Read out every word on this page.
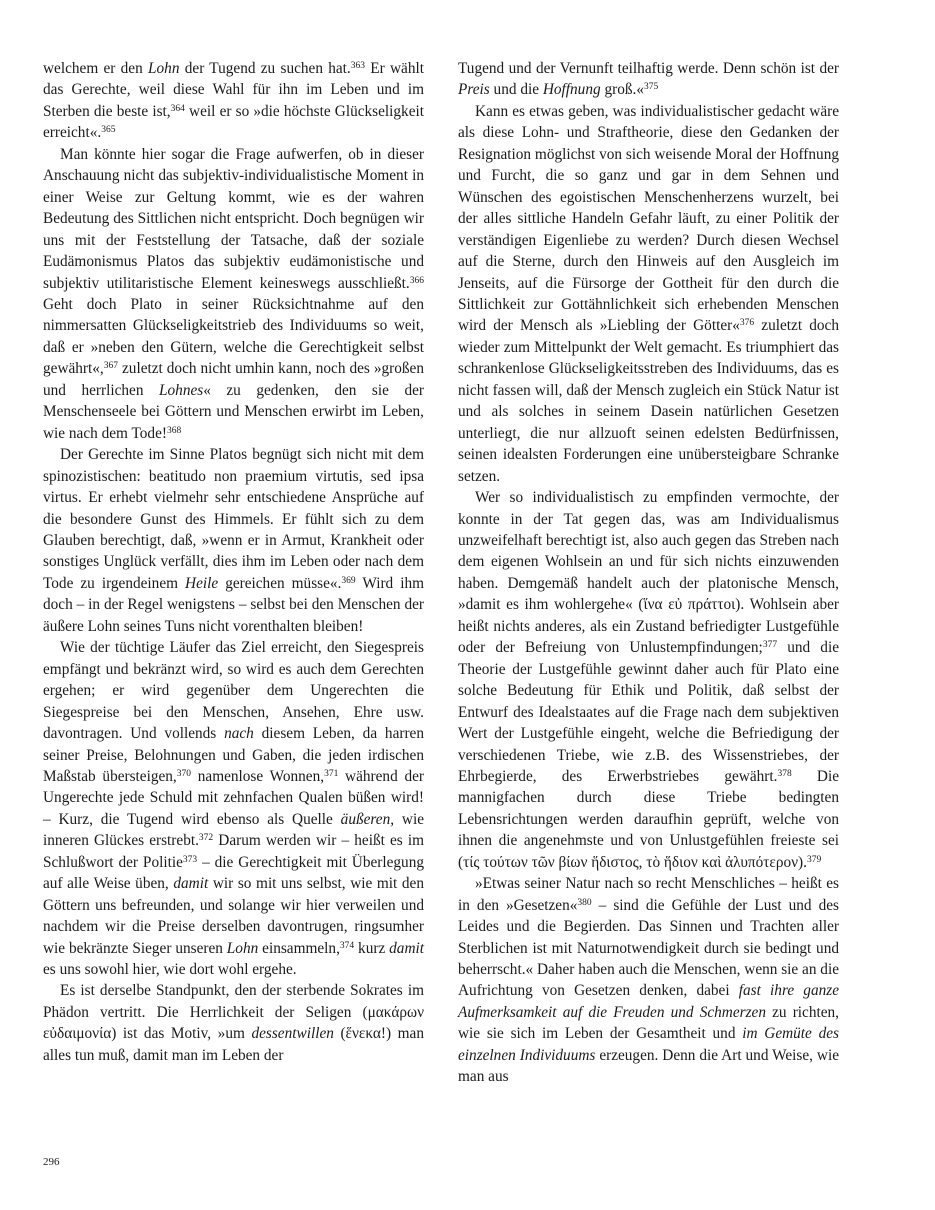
welchem er den Lohn der Tugend zu suchen hat.$^{363}$ Er wählt das Gerechte, weil diese Wahl für ihn im Leben und im Sterben die beste ist,$^{364}$ weil er so »die höchste Glückseligkeit erreicht«.$^{365}$

Man könnte hier sogar die Frage aufwerfen, ob in dieser Anschauung nicht das subjektiv-individualistische Moment in einer Weise zur Geltung kommt, wie es der wahren Bedeutung des Sittlichen nicht entspricht. Doch begnügen wir uns mit der Feststellung der Tatsache, daß der soziale Eudämonismus Platos das subjektiv eudämonistische und subjektiv utilitaristische Element keineswegs ausschließt.$^{366}$ Geht doch Plato in seiner Rücksichtnahme auf den nimmersatten Glückseligkeitstrieb des Individuums so weit, daß er »neben den Gütern, welche die Gerechtigkeit selbst gewährt«,$^{367}$ zuletzt doch nicht umhin kann, noch des »großen und herrlichen Lohnes« zu gedenken, den sie der Menschenseele bei Göttern und Menschen erwirbt im Leben, wie nach dem Tode!$^{368}$

Der Gerechte im Sinne Platos begnügt sich nicht mit dem spinozistischen: beatitudo non praemium virtutis, sed ipsa virtus. Er erhebt vielmehr sehr entschiedene Ansprüche auf die besondere Gunst des Himmels. Er fühlt sich zu dem Glauben berechtigt, daß, »wenn er in Armut, Krankheit oder sonstiges Unglück verfällt, dies ihm im Leben oder nach dem Tode zu irgendeinem Heile gereichen müsse«.$^{369}$ Wird ihm doch – in der Regel wenigstens – selbst bei den Menschen der äußere Lohn seines Tuns nicht vorenthalten bleiben!

Wie der tüchtige Läufer das Ziel erreicht, den Siegespreis empfängt und bekränzt wird, so wird es auch dem Gerechten ergehen; er wird gegenüber dem Ungerechten die Siegespreise bei den Menschen, Ansehen, Ehre usw. davontragen. Und vollends nach diesem Leben, da harren seiner Preise, Belohnungen und Gaben, die jeden irdischen Maßstab übersteigen,$^{370}$ namenlose Wonnen,$^{371}$ während der Ungerechte jede Schuld mit zehnfachen Qualen büßen wird! – Kurz, die Tugend wird ebenso als Quelle äußeren, wie inneren Glückes erstrebt.$^{372}$ Darum werden wir – heißt es im Schlußwort der Politie$^{373}$ – die Gerechtigkeit mit Überlegung auf alle Weise üben, damit wir so mit uns selbst, wie mit den Göttern uns befreunden, und solange wir hier verweilen und nachdem wir die Preise derselben davontrugen, ringsumher wie bekränzte Sieger unseren Lohn einsammeln,$^{374}$ kurz damit es uns sowohl hier, wie dort wohl ergehe.

Es ist derselbe Standpunkt, den der sterbende Sokrates im Phädon vertritt. Die Herrlichkeit der Seligen (μακάρων εὐδαιμονία) ist das Motiv, »um dessentwillen (ἕνεκα!) man alles tun muß, damit man im Leben der

Tugend und der Vernunft teilhaftig werde. Denn schön ist der Preis und die Hoffnung groß.«$^{375}$

Kann es etwas geben, was individualistischer gedacht wäre als diese Lohn- und Straftheorie, diese den Gedanken der Resignation möglichst von sich weisende Moral der Hoffnung und Furcht, die so ganz und gar in dem Sehnen und Wünschen des egoistischen Menschenherzens wurzelt, bei der alles sittliche Handeln Gefahr läuft, zu einer Politik der verständigen Eigenliebe zu werden? Durch diesen Wechsel auf die Sterne, durch den Hinweis auf den Ausgleich im Jenseits, auf die Fürsorge der Gottheit für den durch die Sittlichkeit zur Gottähnlichkeit sich erhebenden Menschen wird der Mensch als »Liebling der Götter«$^{376}$ zuletzt doch wieder zum Mittelpunkt der Welt gemacht. Es triumphiert das schrankenlose Glückseligkeitsstreben des Individuums, das es nicht fassen will, daß der Mensch zugleich ein Stück Natur ist und als solches in seinem Dasein natürlichen Gesetzen unterliegt, die nur allzuoft seinen edelsten Bedürfnissen, seinen idealsten Forderungen eine unübersteigbare Schranke setzen.

Wer so individualistisch zu empfinden vermochte, der konnte in der Tat gegen das, was am Individualismus unzweifelhaft berechtigt ist, also auch gegen das Streben nach dem eigenen Wohlsein an und für sich nichts einzuwenden haben. Demgemäß handelt auch der platonische Mensch, »damit es ihm wohlergehe« (ἵνα εὐ πράττοι). Wohlsein aber heißt nichts anderes, als ein Zustand befriedigter Lustgefühle oder der Befreiung von Unlustempfindungen;$^{377}$ und die Theorie der Lustgefühle gewinnt daher auch für Plato eine solche Bedeutung für Ethik und Politik, daß selbst der Entwurf des Idealstaates auf die Frage nach dem subjektiven Wert der Lustgefühle eingeht, welche die Befriedigung der verschiedenen Triebe, wie z.B. des Wissenstriebes, der Ehrbegierde, des Erwerbstriebes gewährt.$^{378}$ Die mannigfachen durch diese Triebe bedingten Lebensrichtungen werden daraufhin geprüft, welche von ihnen die angenehmste und von Unlustgefühlen freieste sei (τίς τούτων τῶν βίων ἥδιστος, τὸ ἥδιον καὶ ἀλυπότερον).$^{379}$

»Etwas seiner Natur nach so recht Menschliches – heißt es in den »Gesetzen«$^{380}$ – sind die Gefühle der Lust und des Leides und die Begierden. Das Sinnen und Trachten aller Sterblichen ist mit Naturnotwendigkeit durch sie bedingt und beherrscht.« Daher haben auch die Menschen, wenn sie an die Aufrichtung von Gesetzen denken, dabei fast ihre ganze Aufmerksamkeit auf die Freuden und Schmerzen zu richten, wie sie sich im Leben der Gesamtheit und im Gemüte des einzelnen Individuums erzeugen. Denn die Art und Weise, wie man aus

296
